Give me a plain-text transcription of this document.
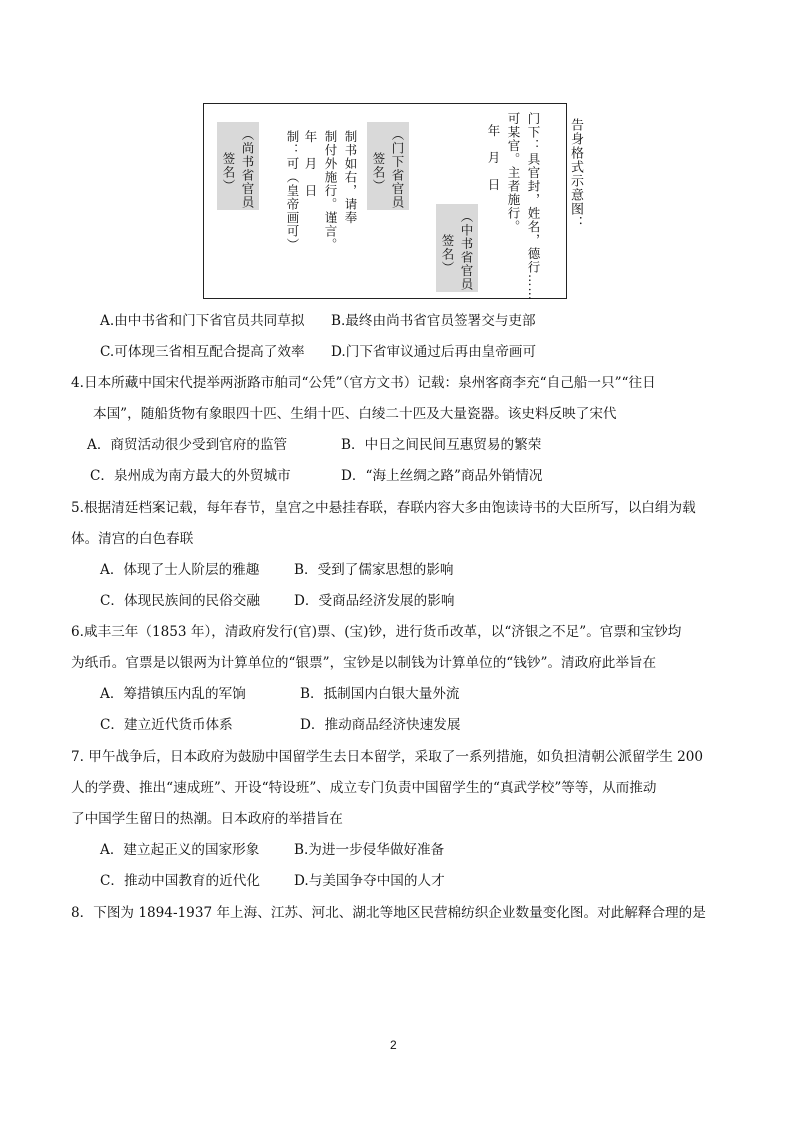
门下：具官封，姓名，德行……
可某官。主者施行。
年　月　日
（中书省官员
签名）
（门下省官员
签名）
制书如右，请奉
制付外施行。谨言。
年　月　日
制：可（皇帝画可）
（尚书省官员
签名）	告身格式示意图：
A.由中书省和门下省官员共同草拟 B.最终由尚书省官员签署交与吏部
C.可体现三省相互配合提高了效率 D.门下省审议通过后再由皇帝画可
4.日本所藏中国宋代提举两浙路市舶司“公凭”（官方文书）记载：泉州客商李充“自己船一只”“往日
本国”，随船货物有象眼四十匹、生绢十匹、白绫二十匹及大量瓷器。该史料反映了宋代
A．商贸活动很少受到官府的监管	B．中日之间民间互惠贸易的繁荣
C．泉州成为南方最大的外贸城市	D．“海上丝绸之路”商品外销情况
5.根据清廷档案记载，每年春节，皇宫之中悬挂春联，春联内容大多由饱读诗书的大臣所写，以白绢为载
体。清宫的白色春联
A．体现了士人阶层的雅趣	B．受到了儒家思想的影响
C．体现民族间的民俗交融	D．受商品经济发展的影响
6.咸丰三年（1853 年），清政府发行(官)票、(宝)钞，进行货币改革，以“济银之不足”。官票和宝钞均
为纸币。官票是以银两为计算单位的“银票”，宝钞是以制钱为计算单位的“钱钞”。清政府此举旨在
A．筹措镇压内乱的军饷	B．抵制国内白银大量外流
C．建立近代货币体系	D．推动商品经济快速发展
7. 甲午战争后，日本政府为鼓励中国留学生去日本留学，采取了一系列措施，如负担清朝公派留学生 200
人的学费、推出“速成班”、开设“特设班”、成立专门负责中国留学生的“真武学校”等等，从而推动
了中国学生留日的热潮。日本政府的举措旨在
A．建立起正义的国家形象	B.为进一步侵华做好准备
C．推动中国教育的近代化	D.与美国争夺中国的人才
8．下图为 1894-1937 年上海、江苏、河北、湖北等地区民营棉纺织企业数量变化图。对此解释合理的是
2
